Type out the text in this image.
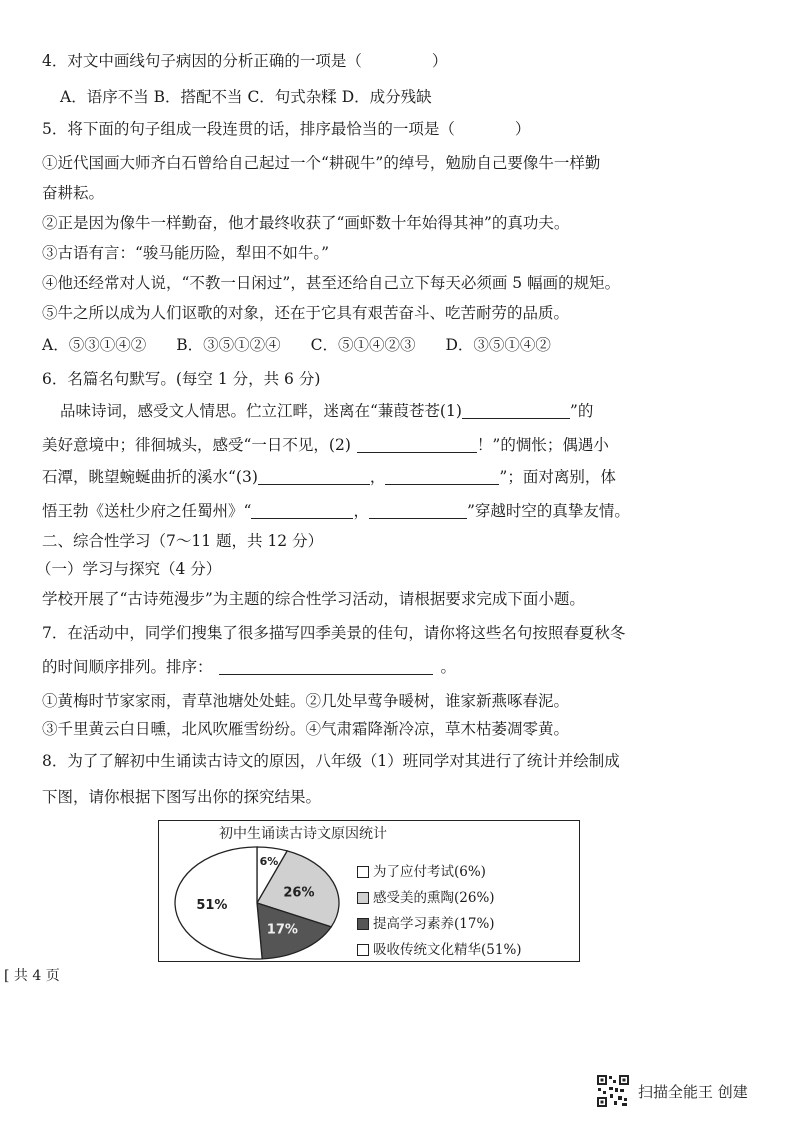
4．对文中画线句子病因的分析正确的一项是（	）
A．语序不当 B．搭配不当 C．句式杂糅 D．成分残缺
5．将下面的句子组成一段连贯的话，排序最恰当的一项是（	）
①近代国画大师齐白石曾给自己起过一个“耕砚牛”的绰号，勉励自己要像牛一样勤
奋耕耘。
②正是因为像牛一样勤奋，他才最终收获了“画虾数十年始得其神”的真功夫。
③古语有言：“骏马能历险，犁田不如牛。”
④他还经常对人说，“不教一日闲过”，甚至还给自己立下每天必须画 5 幅画的规矩。
⑤牛之所以成为人们讴歌的对象，还在于它具有艰苦奋斗、吃苦耐劳的品质。
A．⑤③①④② B．③⑤①②④ C．⑤①④②③ D．③⑤①④②
6．名篇名句默写。(每空 1 分，共 6 分)
品味诗词，感受文人情思。伫立江畔，迷离在“蒹葭苍苍(1)	”的
美好意境中；徘徊城头，感受“一日不见，(2)	！”的惆怅；偶遇小
石潭，眺望蜿蜒曲折的溪水“(3)	，	”；面对离别，体
悟王勃《送杜少府之任蜀州》“	，	”穿越时空的真挚友情。
二、综合性学习（7～11 题，共 12 分）
（一）学习与探究（4 分）
学校开展了“古诗苑漫步”为主题的综合性学习活动，请根据要求完成下面小题。
7．在活动中，同学们搜集了很多描写四季美景的佳句，请你将这些名句按照春夏秋冬
的时间顺序排列。排序：	。
①黄梅时节家家雨，青草池塘处处蛙。②几处早莺争暖树，谁家新燕啄春泥。
③千里黄云白日曛，北风吹雁雪纷纷。④气肃霜降渐冷凉，草木枯萎凋零黄。
8．为了了解初中生诵读古诗文的原因，八年级（1）班同学对其进行了统计并绘制成
下图，请你根据下图写出你的探究结果。
初中生诵读古诗文原因统计
6%
26%
17%
51%
为了应付考试(6%)
感受美的熏陶(26%)
提高学习素养(17%)
吸收传统文化精华(51%)
[ 共 4 页
扫描全能王 创建
